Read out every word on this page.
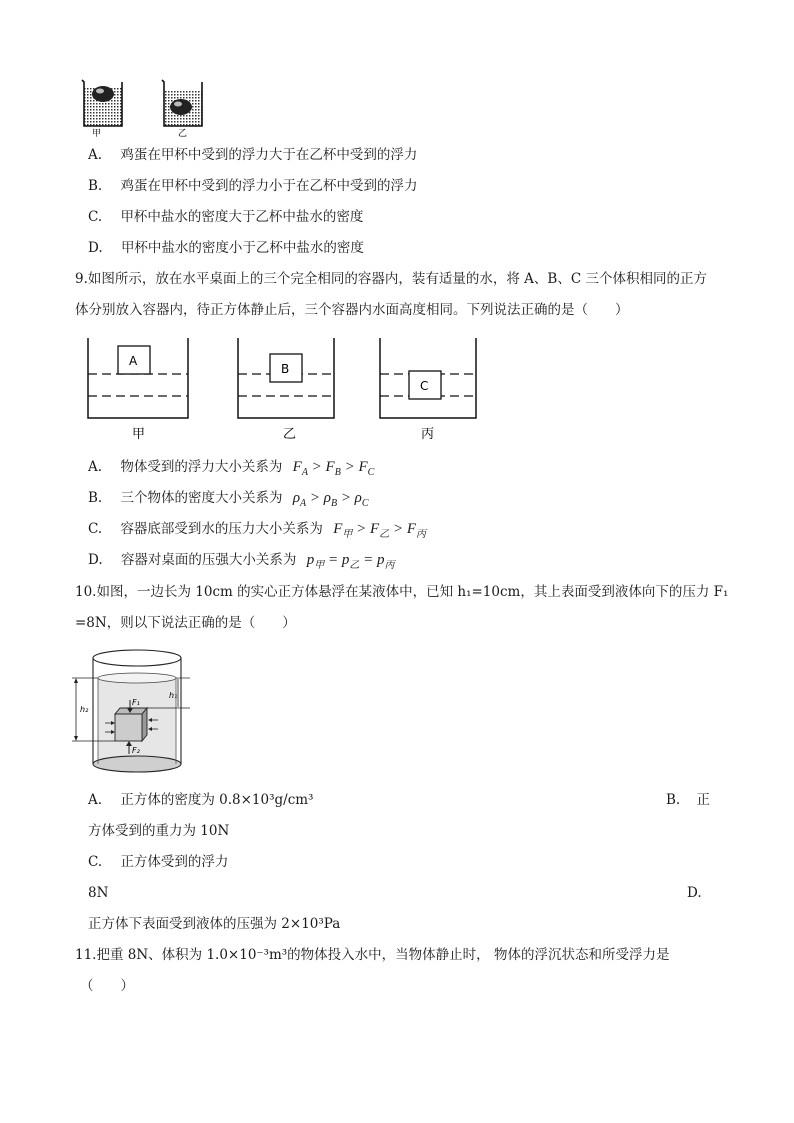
甲	乙
A. 鸡蛋在甲杯中受到的浮力大于在乙杯中受到的浮力
B. 鸡蛋在甲杯中受到的浮力小于在乙杯中受到的浮力
C. 甲杯中盐水的密度大于乙杯中盐水的密度
D. 甲杯中盐水的密度小于乙杯中盐水的密度
9.如图所示，放在水平桌面上的三个完全相同的容器内，装有适量的水，将 A、B、C 三个体积相同的正方
体分别放入容器内，待正方体静止后，三个容器内水面高度相同。下列说法正确的是（　　）
A
甲
B
乙
C
丙
A. 物体受到的浮力大小关系为 $F_A > F_B > F_C$
B. 三个物体的密度大小关系为 $\rho_A > \rho_B > \rho_C$
C. 容器底部受到水的压力大小关系为 $F_甲 > F_乙 > F_丙$
D. 容器对桌面的压强大小关系为 $p_甲 = p_乙 = p_丙$
10.如图，一边长为 10cm 的实心正方体悬浮在某液体中，已知 h₁=10cm，其上表面受到液体向下的压力 F₁
=8N，则以下说法正确的是（　　）
F₁
F₂
h₁
h₂
A. 正方体的密度为 0.8×10³g/cm³	B. 正
方体受到的重力为 10N
C. 正方体受到的浮力
8N	D.
正方体下表面受到液体的压强为 2×10³Pa
11.把重 8N、体积为 1.0×10⁻³m³的物体投入水中，当物体静止时， 物体的浮沉状态和所受浮力是
（　　）
